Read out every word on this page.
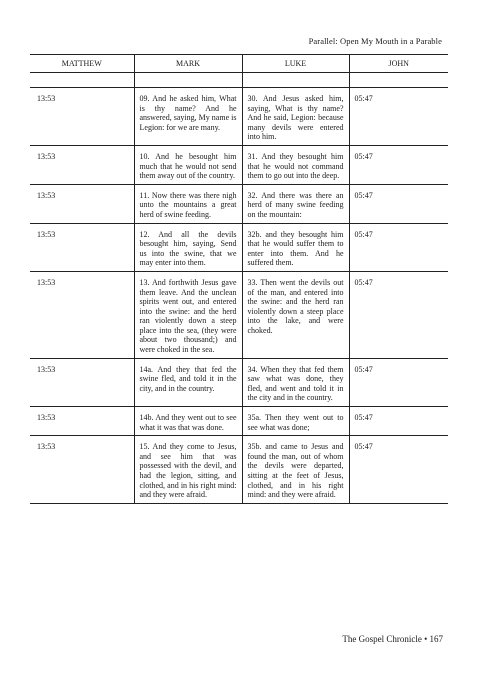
Parallel: Open My Mouth in a Parable
MATTHEW	MARK	LUKE	JOHN

13:53	09. And he asked him, What is thy name? And he answered, saying, My name is Legion: for we are many.	30. And Jesus asked him, saying, What is thy name? And he said, Legion: because many devils were entered into him.	05:47
13:53	10. And he besought him much that he would not send them away out of the country.	31. And they besought him that he would not command them to go out into the deep.	05:47
13:53	11. Now there was there nigh unto the mountains a great herd of swine feeding.	32. And there was there an herd of many swine feeding on the mountain:	05:47
13:53	12. And all the devils besought him, saying, Send us into the swine, that we may enter into them.	32b. and they besought him that he would suffer them to enter into them. And he suffered them.	05:47
13:53	13. And forthwith Jesus gave them leave. And the unclean spirits went out, and entered into the swine: and the herd ran violently down a steep place into the sea, (they were about two thousand;) and were choked in the sea.	33. Then went the devils out of the man, and entered into the swine: and the herd ran violently down a steep place into the lake, and were choked.	05:47
13:53	14a. And they that fed the swine fled, and told it in the city, and in the country.	34. When they that fed them saw what was done, they fled, and went and told it in the city and in the country.	05:47
13:53	14b. And they went out to see what it was that was done.	35a. Then they went out to see what was done;	05:47
13:53	15. And they come to Jesus, and see him that was possessed with the devil, and had the legion, sitting, and clothed, and in his right mind: and they were afraid.	35b. and came to Jesus and found the man, out of whom the devils were departed, sitting at the feet of Jesus, clothed, and in his right mind: and they were afraid.	05:47
The Gospel Chronicle • 167
